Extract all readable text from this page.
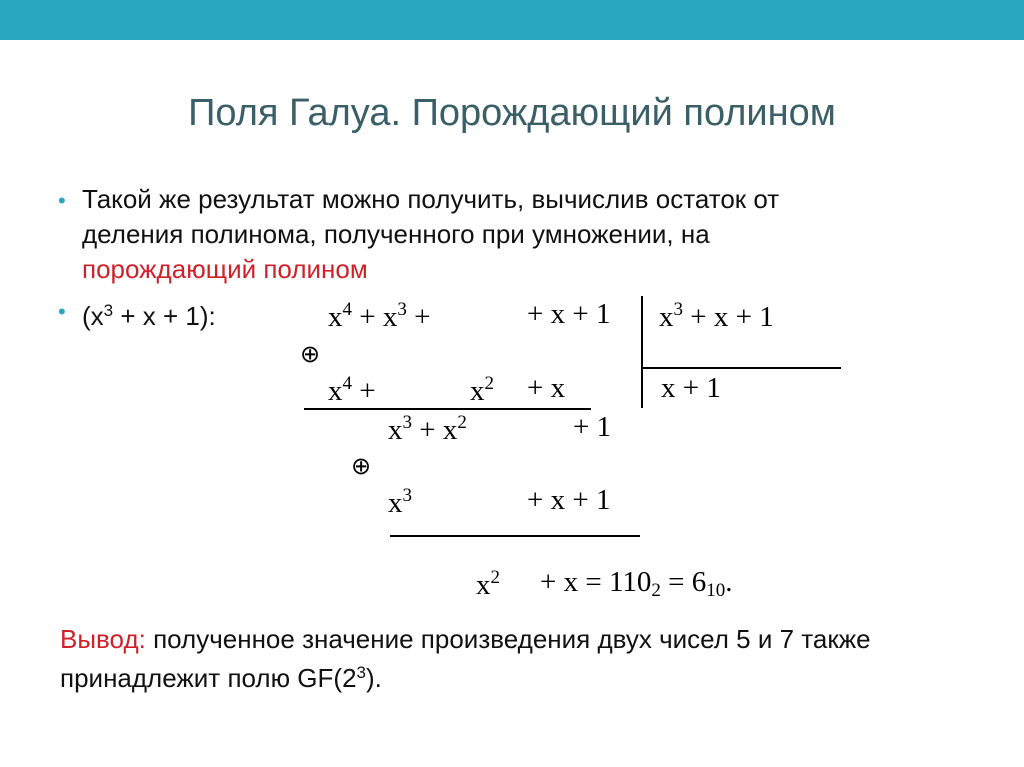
Поля Галуа. Порождающий полином
• Такой же результат можно получить, вычислив остаток от
деления полинома, полученного при умножении, на
порождающий полином
• $(x^3 + x + 1)$:	$x^4 + x^3$ +	+ x + 1 $x^3 + x + 1$
⊕
$x^4$ +	$x^2 + x$	x + 1
$x^3 + x^2$	+ 1
⊕
$x^3$	+ x + 1
$x^2 + x = 110_2 = 6_{10}$.
Вывод: полученное значение произведения двух чисел 5 и 7 также
принадлежит полю $GF(2^3)$.
